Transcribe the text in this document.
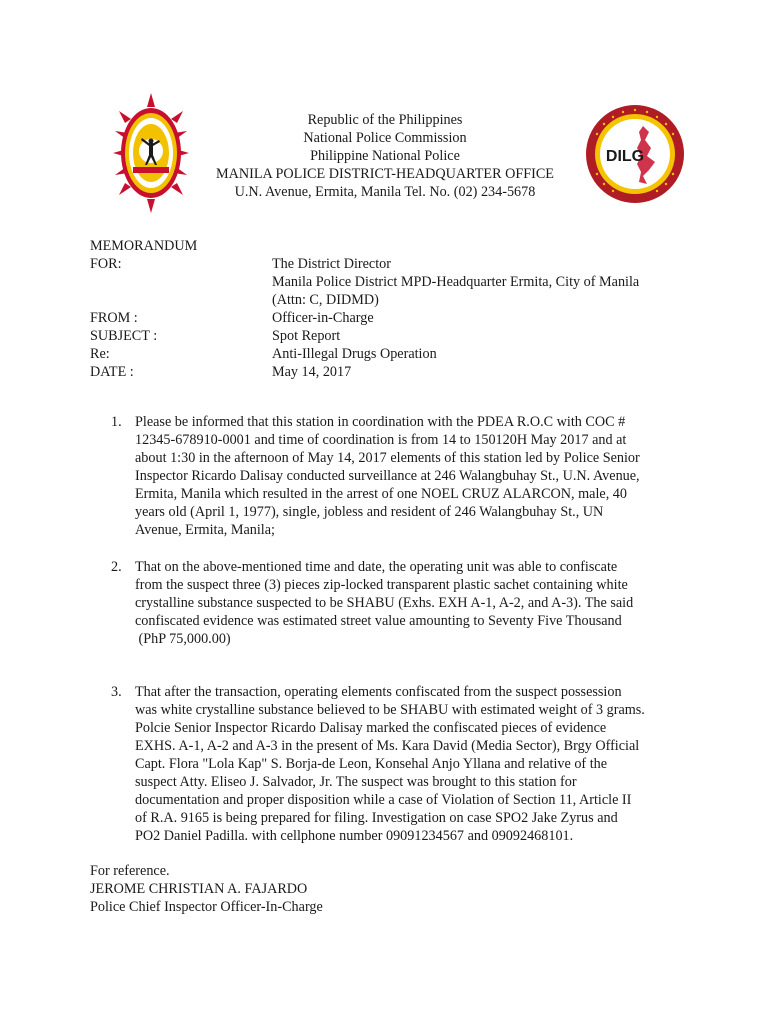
DILG
Republic of the Philippines
National Police Commission
Philippine National Police
MANILA POLICE DISTRICT-HEADQUARTER OFFICE
U.N. Avenue, Ermita, Manila Tel. No. (02) 234-5678
MEMORANDUM
FOR:	The District Director
Manila Police District MPD-Headquarter Ermita, City of Manila
(Attn: C, DIDMD)
FROM :	Officer-in-Charge
SUBJECT :	Spot Report
Re:	Anti-Illegal Drugs Operation
DATE :	May 14, 2017
1. Please be informed that this station in coordination with the PDEA R.O.C with COC #
12345-678910-0001 and time of coordination is from 14 to 150120H May 2017 and at
about 1:30 in the afternoon of May 14, 2017 elements of this station led by Police Senior
Inspector Ricardo Dalisay conducted surveillance at 246 Walangbuhay St., U.N. Avenue,
Ermita, Manila which resulted in the arrest of one NOEL CRUZ ALARCON, male, 40
years old (April 1, 1977), single, jobless and resident of 246 Walangbuhay St., UN
Avenue, Ermita, Manila;
2. That on the above-mentioned time and date, the operating unit was able to confiscate
from the suspect three (3) pieces zip-locked transparent plastic sachet containing white
crystalline substance suspected to be SHABU (Exhs. EXH A-1, A-2, and A-3). The said
confiscated evidence was estimated street value amounting to Seventy Five Thousand
(PhP 75,000.00)
3. That after the transaction, operating elements confiscated from the suspect possession
was white crystalline substance believed to be SHABU with estimated weight of 3 grams.
Polcie Senior Inspector Ricardo Dalisay marked the confiscated pieces of evidence
EXHS. A-1, A-2 and A-3 in the present of Ms. Kara David (Media Sector), Brgy Official
Capt. Flora "Lola Kap" S. Borja-de Leon, Konsehal Anjo Yllana and relative of the
suspect Atty. Eliseo J. Salvador, Jr. The suspect was brought to this station for
documentation and proper disposition while a case of Violation of Section 11, Article II
of R.A. 9165 is being prepared for filing. Investigation on case SPO2 Jake Zyrus and
PO2 Daniel Padilla. with cellphone number 09091234567 and 09092468101.
For reference.
JEROME CHRISTIAN A. FAJARDO
Police Chief Inspector Officer-In-Charge
